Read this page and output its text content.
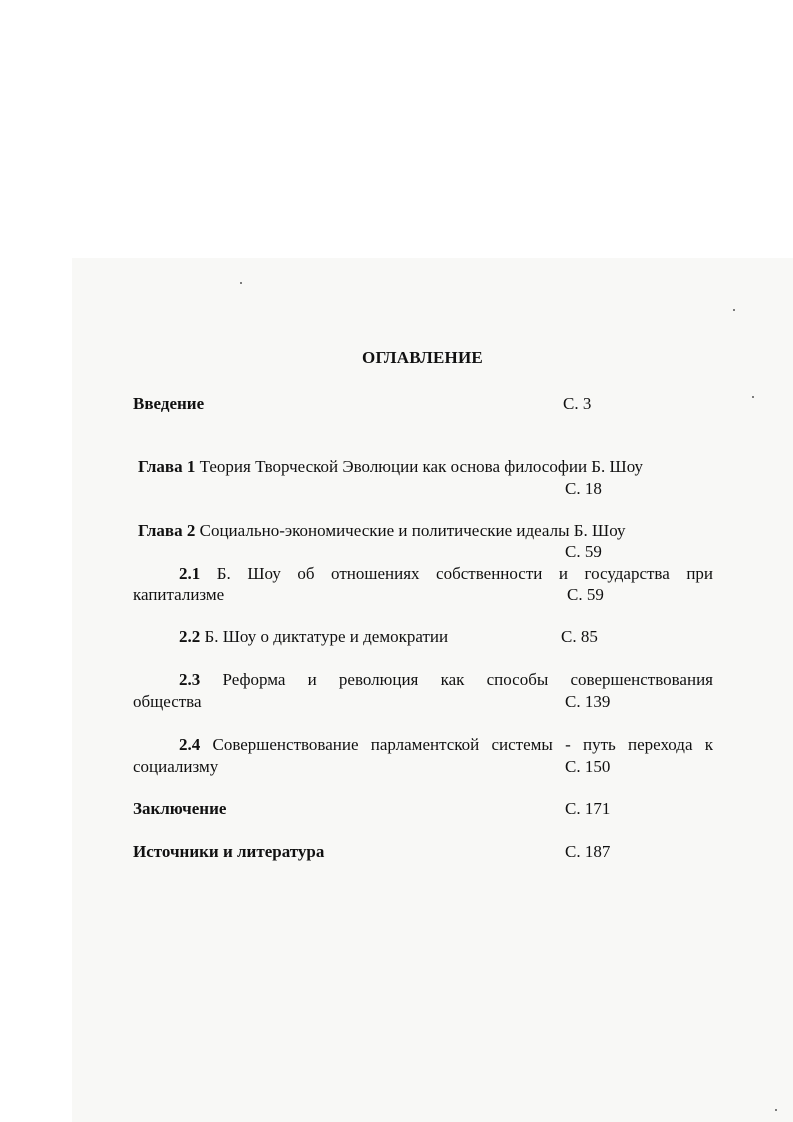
ОГЛАВЛЕНИЕ
Введение	С. 3
Глава 1 Теория Творческой Эволюции как основа философии Б. Шоу
С. 18
Глава 2 Социально-экономические и политические идеалы Б. Шоу
С. 59
2.1 Б. Шоу об отношениях собственности и государства при
капитализме	С. 59
2.2 Б. Шоу о диктатуре и демократии	С. 85
2.3 Реформа и революция как способы совершенствования
общества	С. 139
2.4 Совершенствование парламентской системы - путь перехода к
социализму	С. 150
Заключение	С. 171
Источники и литература	С. 187
